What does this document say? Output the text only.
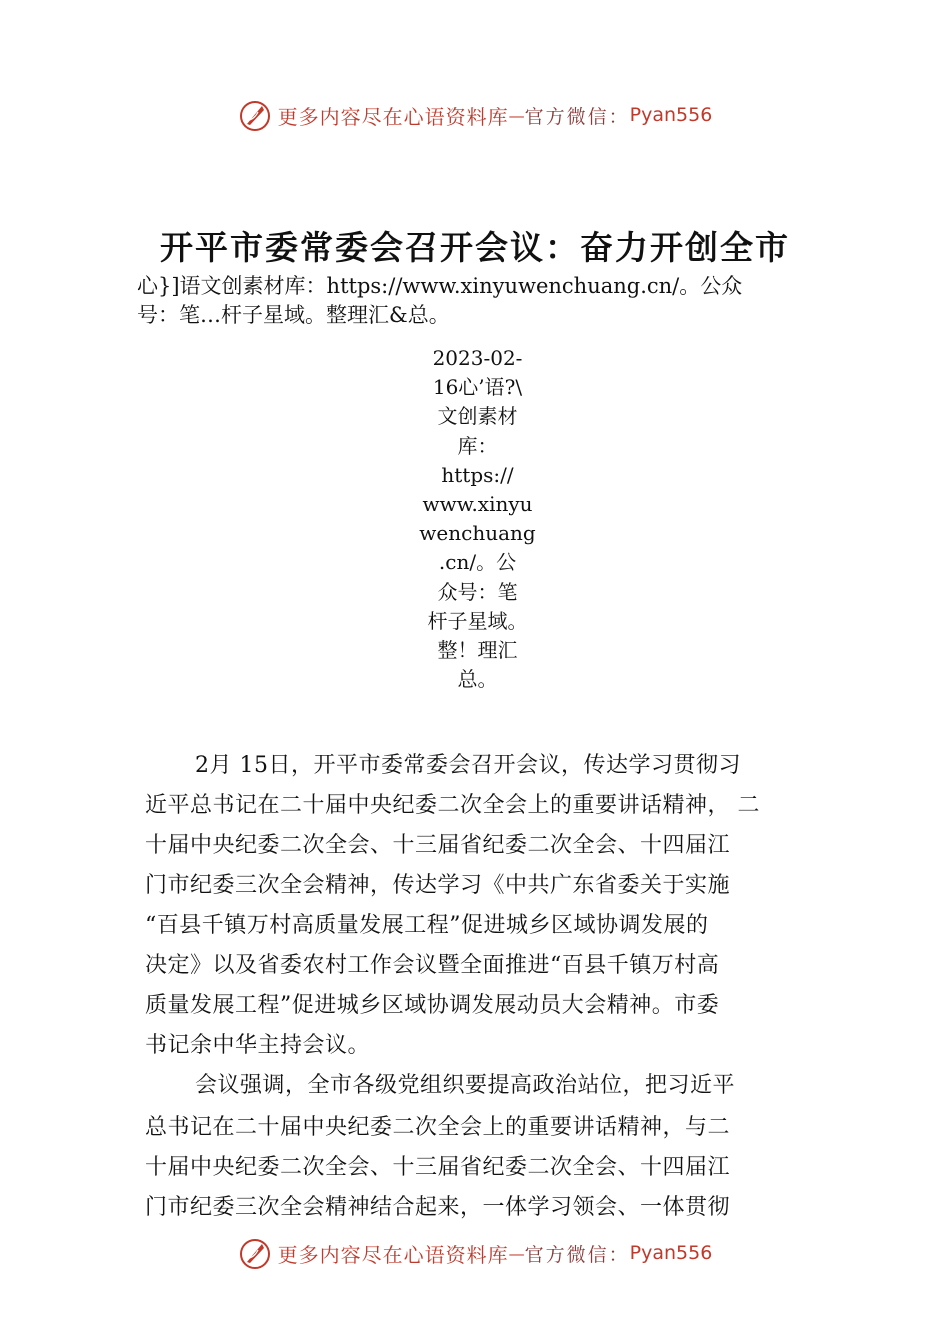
更多内容尽在心语资料库 — 官方微信： Pyan556
开平市委常委会召开会议：奋力开创全市
心}]语文创素材库：https://www.xinyuwenchuang.cn/。公众
号：笔…杆子星域。整理汇&总。
2023-02-
16心’语?\
文创素材
库：
https://
www.xinyu
wenchuang
.cn/。公
众号：笔
杆子星域。
整！理汇
总。
2月 15日，开平市委常委会召开会议，传达学习贯彻习
近平总书记在二十届中央纪委二次全会上的重要讲话精神， 二
十届中央纪委二次全会、十三届省纪委二次全会、十四届江
门市纪委三次全会精神，传达学习《中共广东省委关于实施
“百县千镇万村高质量发展工程”促进城乡区域协调发展的
决定》以及省委农村工作会议暨全面推进“百县千镇万村高
质量发展工程”促进城乡区域协调发展动员大会精神。市委
书记余中华主持会议。
会议强调，全市各级党组织要提高政治站位，把习近平
总书记在二十届中央纪委二次全会上的重要讲话精神，与二
十届中央纪委二次全会、十三届省纪委二次全会、十四届江
门市纪委三次全会精神结合起来，一体学习领会、一体贯彻
更多内容尽在心语资料库 — 官方微信： Pyan556
